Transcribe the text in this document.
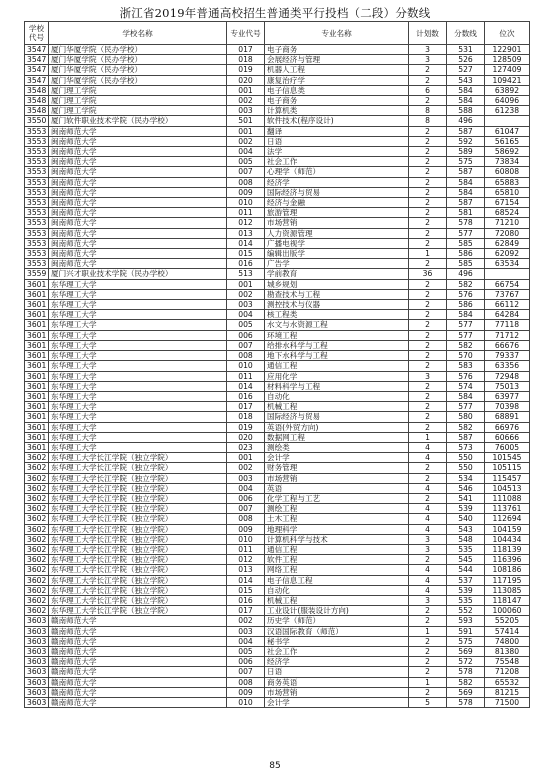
浙江省2019年普通高校招生普通类平行投档（二段）分数线
学校代号	学校名称	专业代号	专业名称	计划数	分数线	位次
3547	厦门华厦学院（民办学校）	017	电子商务	3	531	122901
3547	厦门华厦学院（民办学校）	018	会展经济与管理	3	526	128509
3547	厦门华厦学院（民办学校）	019	机器人工程	2	527	127409
3547	厦门华厦学院（民办学校）	020	康复治疗学	2	543	109421
3548	厦门理工学院	001	电子信息类	6	584	63892
3548	厦门理工学院	002	电子商务	2	584	64096
3548	厦门理工学院	003	计算机类	8	588	61238
3550	厦门软件职业技术学院（民办学校）	501	软件技术(程序设计)	8	496	
3553	闽南师范大学	001	翻译	2	587	61047
3553	闽南师范大学	002	日语	2	592	56165
3553	闽南师范大学	004	法学	2	589	58692
3553	闽南师范大学	005	社会工作	2	575	73834
3553	闽南师范大学	007	心理学（师范）	2	587	60808
3553	闽南师范大学	008	经济学	2	584	65883
3553	闽南师范大学	009	国际经济与贸易	2	584	65810
3553	闽南师范大学	010	经济与金融	2	587	67154
3553	闽南师范大学	011	旅游管理	2	581	68524
3553	闽南师范大学	012	市场营销	2	578	71210
3553	闽南师范大学	013	人力资源管理	2	577	72080
3553	闽南师范大学	014	广播电视学	2	585	62849
3553	闽南师范大学	015	编辑出版学	1	586	62092
3553	闽南师范大学	016	广告学	2	585	63534
3559	厦门兴才职业技术学院（民办学校）	513	学前教育	36	496	
3601	东华理工大学	001	城乡规划	2	582	66754
3601	东华理工大学	002	勘查技术与工程	2	576	73767
3601	东华理工大学	003	测控技术与仪器	2	586	66112
3601	东华理工大学	004	核工程类	2	584	64284
3601	东华理工大学	005	水文与水资源工程	2	577	77118
3601	东华理工大学	006	环境工程	2	577	71712
3601	东华理工大学	007	给排水科学与工程	2	582	66676
3601	东华理工大学	008	地下水科学与工程	2	570	79337
3601	东华理工大学	010	通信工程	2	583	63356
3601	东华理工大学	011	应用化学	3	576	72948
3601	东华理工大学	014	材料科学与工程	2	574	75013
3601	东华理工大学	016	自动化	2	584	63977
3601	东华理工大学	017	机械工程	2	577	70398
3601	东华理工大学	018	国际经济与贸易	2	580	68891
3601	东华理工大学	019	英语(外贸方向)	2	582	66976
3601	东华理工大学	020	数据网工程	1	587	60666
3601	东华理工大学	023	测绘类	4	573	76005
3602	东华理工大学长江学院（独立学院）	001	会计学	4	550	101545
3602	东华理工大学长江学院（独立学院）	002	财务管理	2	550	105115
3602	东华理工大学长江学院（独立学院）	003	市场营销	2	534	115457
3602	东华理工大学长江学院（独立学院）	004	英语	4	546	104513
3602	东华理工大学长江学院（独立学院）	006	化学工程与工艺	2	541	111088
3602	东华理工大学长江学院（独立学院）	007	测绘工程	4	539	113761
3602	东华理工大学长江学院（独立学院）	008	土木工程	4	540	112694
3602	东华理工大学长江学院（独立学院）	009	地理科学	4	543	104159
3602	东华理工大学长江学院（独立学院）	010	计算机科学与技术	3	548	104434
3602	东华理工大学长江学院（独立学院）	011	通信工程	3	535	118139
3602	东华理工大学长江学院（独立学院）	012	软件工程	2	545	116396
3602	东华理工大学长江学院（独立学院）	013	网络工程	4	544	108186
3602	东华理工大学长江学院（独立学院）	014	电子信息工程	4	537	117195
3602	东华理工大学长江学院（独立学院）	015	自动化	4	539	113085
3602	东华理工大学长江学院（独立学院）	016	机械工程	3	535	118147
3602	东华理工大学长江学院（独立学院）	017	工业设计(服装设计方向)	2	552	100060
3603	赣南师范大学	002	历史学（师范）	2	593	55205
3603	赣南师范大学	003	汉语国际教育（师范）	1	591	57414
3603	赣南师范大学	004	秘书学	2	575	74800
3603	赣南师范大学	005	社会工作	2	569	81380
3603	赣南师范大学	006	经济学	2	572	75548
3603	赣南师范大学	007	日语	2	578	71208
3603	赣南师范大学	008	商务英语	1	582	65532
3603	赣南师范大学	009	市场营销	2	569	81215
3603	赣南师范大学	010	会计学	5	578	71500
85
